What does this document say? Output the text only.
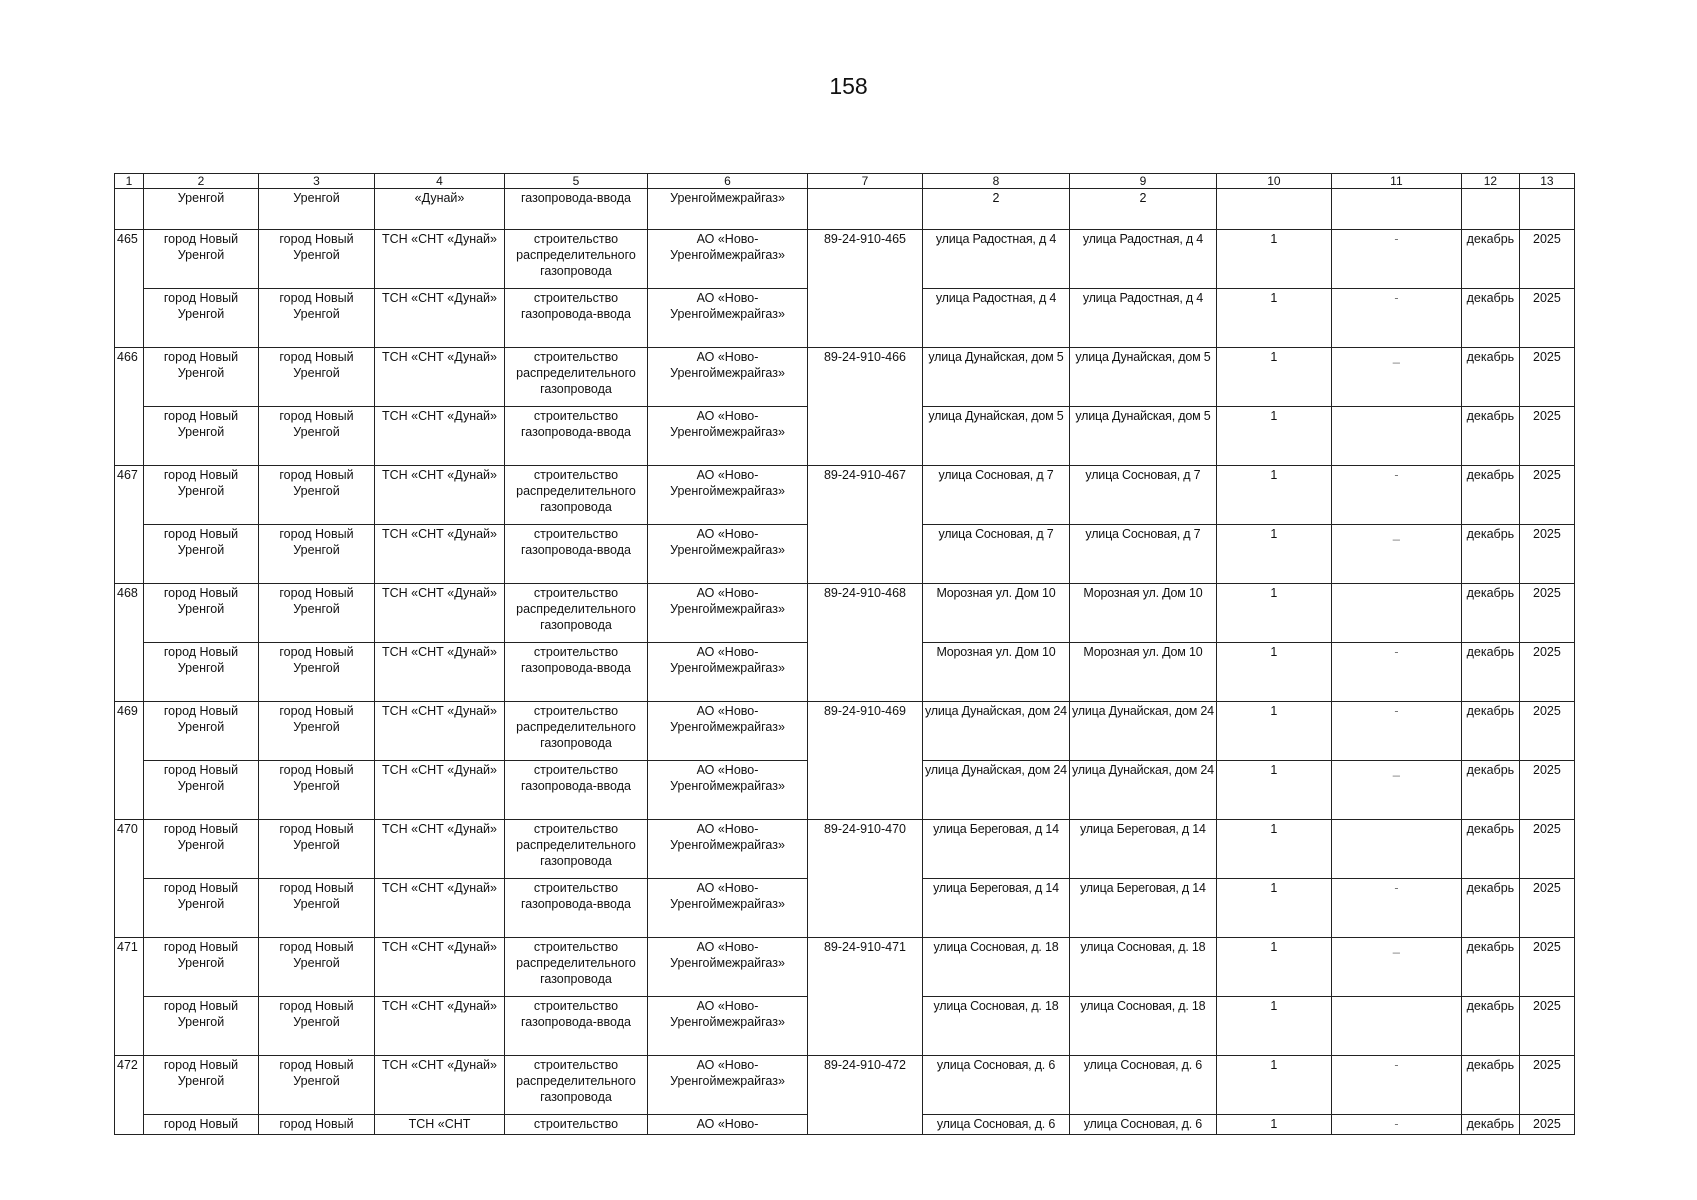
158
1	2	3	4	5	6	7	8	9	10	11	12	13
	Уренгой	Уренгой	«Дунай»	газопровода-ввода	Уренгоймежрайгаз»		2	2				
465	город Новый Уренгой	город Новый Уренгой	ТСН «СНТ «Дунай»	строительство распределительного газопровода	АО «Ново-Уренгоймежрайгаз»	89-24-910-465	улица Радостная, д 4	улица Радостная, д 4	1	-	декабрь	2025
	город Новый Уренгой	город Новый Уренгой	ТСН «СНТ «Дунай»	строительство газопровода-ввода	АО «Ново-Уренгоймежрайгаз»		улица Радостная, д 4	улица Радостная, д 4	1	-	декабрь	2025
466	город Новый Уренгой	город Новый Уренгой	ТСН «СНТ «Дунай»	строительство распределительного газопровода	АО «Ново-Уренгоймежрайгаз»	89-24-910-466	улица Дунайская, дом 5	улица Дунайская, дом 5	1	_	декабрь	2025
	город Новый Уренгой	город Новый Уренгой	ТСН «СНТ «Дунай»	строительство газопровода-ввода	АО «Ново-Уренгоймежрайгаз»		улица Дунайская, дом 5	улица Дунайская, дом 5	1		декабрь	2025
467	город Новый Уренгой	город Новый Уренгой	ТСН «СНТ «Дунай»	строительство распределительного газопровода	АО «Ново-Уренгоймежрайгаз»	89-24-910-467	улица Сосновая, д 7	улица Сосновая, д 7	1	-	декабрь	2025
	город Новый Уренгой	город Новый Уренгой	ТСН «СНТ «Дунай»	строительство газопровода-ввода	АО «Ново-Уренгоймежрайгаз»		улица Сосновая, д 7	улица Сосновая, д 7	1	_	декабрь	2025
468	город Новый Уренгой	город Новый Уренгой	ТСН «СНТ «Дунай»	строительство распределительного газопровода	АО «Ново-Уренгоймежрайгаз»	89-24-910-468	Морозная ул. Дом 10	Морозная ул. Дом 10	1		декабрь	2025
	город Новый Уренгой	город Новый Уренгой	ТСН «СНТ «Дунай»	строительство газопровода-ввода	АО «Ново-Уренгоймежрайгаз»		Морозная ул. Дом 10	Морозная ул. Дом 10	1	-	декабрь	2025
469	город Новый Уренгой	город Новый Уренгой	ТСН «СНТ «Дунай»	строительство распределительного газопровода	АО «Ново-Уренгоймежрайгаз»	89-24-910-469	улица Дунайская, дом 24	улица Дунайская, дом 24	1	-	декабрь	2025
	город Новый Уренгой	город Новый Уренгой	ТСН «СНТ «Дунай»	строительство газопровода-ввода	АО «Ново-Уренгоймежрайгаз»		улица Дунайская, дом 24	улица Дунайская, дом 24	1	_	декабрь	2025
470	город Новый Уренгой	город Новый Уренгой	ТСН «СНТ «Дунай»	строительство распределительного газопровода	АО «Ново-Уренгоймежрайгаз»	89-24-910-470	улица Береговая, д 14	улица Береговая, д 14	1		декабрь	2025
	город Новый Уренгой	город Новый Уренгой	ТСН «СНТ «Дунай»	строительство газопровода-ввода	АО «Ново-Уренгоймежрайгаз»		улица Береговая, д 14	улица Береговая, д 14	1	-	декабрь	2025
471	город Новый Уренгой	город Новый Уренгой	ТСН «СНТ «Дунай»	строительство распределительного газопровода	АО «Ново-Уренгоймежрайгаз»	89-24-910-471	улица Сосновая, д. 18	улица Сосновая, д. 18	1	_	декабрь	2025
	город Новый Уренгой	город Новый Уренгой	ТСН «СНТ «Дунай»	строительство газопровода-ввода	АО «Ново-Уренгоймежрайгаз»		улица Сосновая, д. 18	улица Сосновая, д. 18	1		декабрь	2025
472	город Новый Уренгой	город Новый Уренгой	ТСН «СНТ «Дунай»	строительство распределительного газопровода	АО «Ново-Уренгоймежрайгаз»	89-24-910-472	улица Сосновая, д. 6	улица Сосновая, д. 6	1	-	декабрь	2025
	город Новый	город Новый	ТСН «СНТ	строительство	АО «Ново-		улица Сосновая, д. 6	улица Сосновая, д. 6	1	-	декабрь	2025
